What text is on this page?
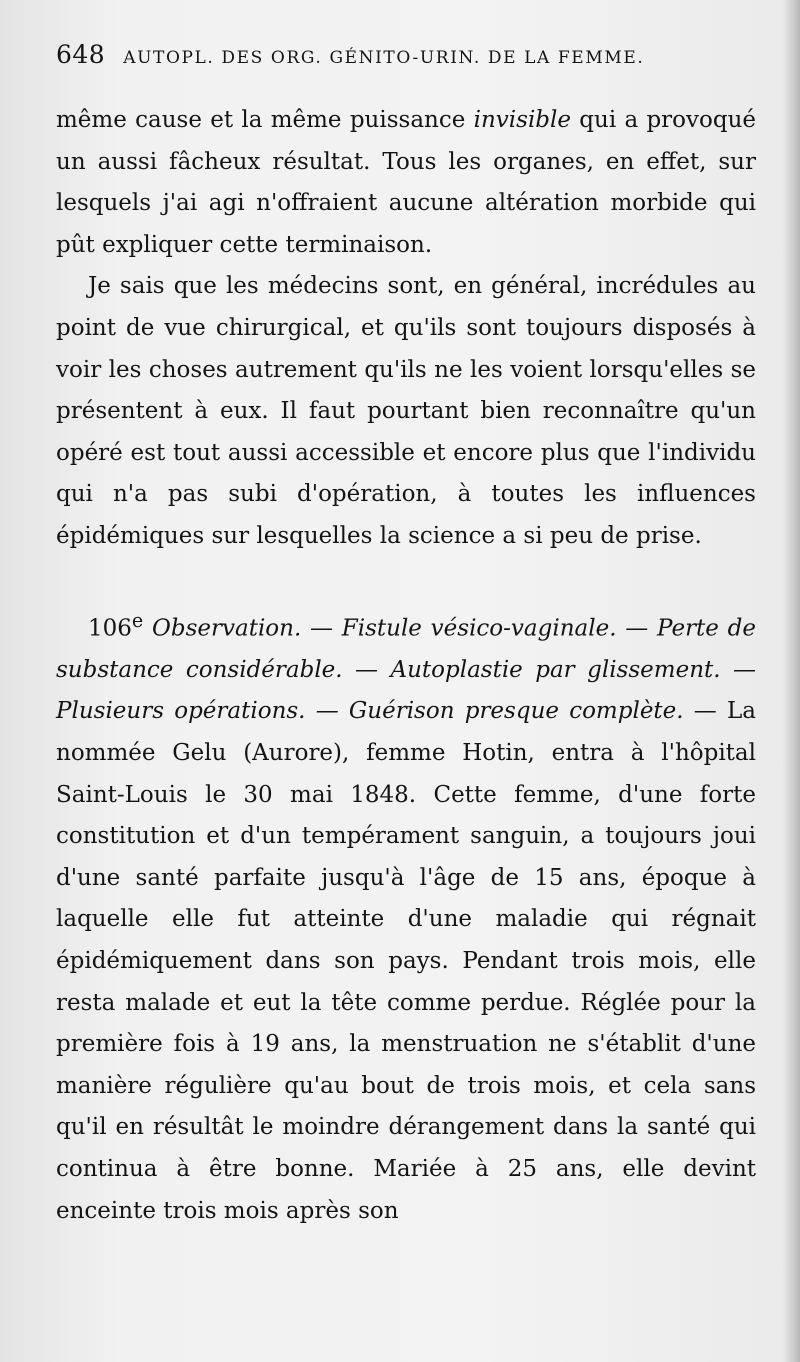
648 AUTOPL. DES ORG. GÉNITO-URIN. DE LA FEMME.

même cause et la même puissance invisible qui a provoqué un aussi fâcheux résultat. Tous les organes, en effet, sur lesquels j'ai agi n'offraient aucune altération morbide qui pût expliquer cette terminaison.

Je sais que les médecins sont, en général, incrédules au point de vue chirurgical, et qu'ils sont toujours disposés à voir les choses autrement qu'ils ne les voient lorsqu'elles se présentent à eux. Il faut pourtant bien reconnaître qu'un opéré est tout aussi accessible et encore plus que l'individu qui n'a pas subi d'opération, à toutes les influences épidémiques sur lesquelles la science a si peu de prise.

106e Observation. — Fistule vésico-vaginale. — Perte de substance considérable. — Autoplastie par glissement. — Plusieurs opérations. — Guérison presque complète. — La nommée Gelu (Aurore), femme Hotin, entra à l'hôpital Saint-Louis le 30 mai 1848. Cette femme, d'une forte constitution et d'un tempérament sanguin, a toujours joui d'une santé parfaite jusqu'à l'âge de 15 ans, époque à laquelle elle fut atteinte d'une maladie qui régnait épidémiquement dans son pays. Pendant trois mois, elle resta malade et eut la tête comme perdue. Réglée pour la première fois à 19 ans, la menstruation ne s'établit d'une manière régulière qu'au bout de trois mois, et cela sans qu'il en résultât le moindre dérangement dans la santé qui continua à être bonne. Mariée à 25 ans, elle devint enceinte trois mois après son
